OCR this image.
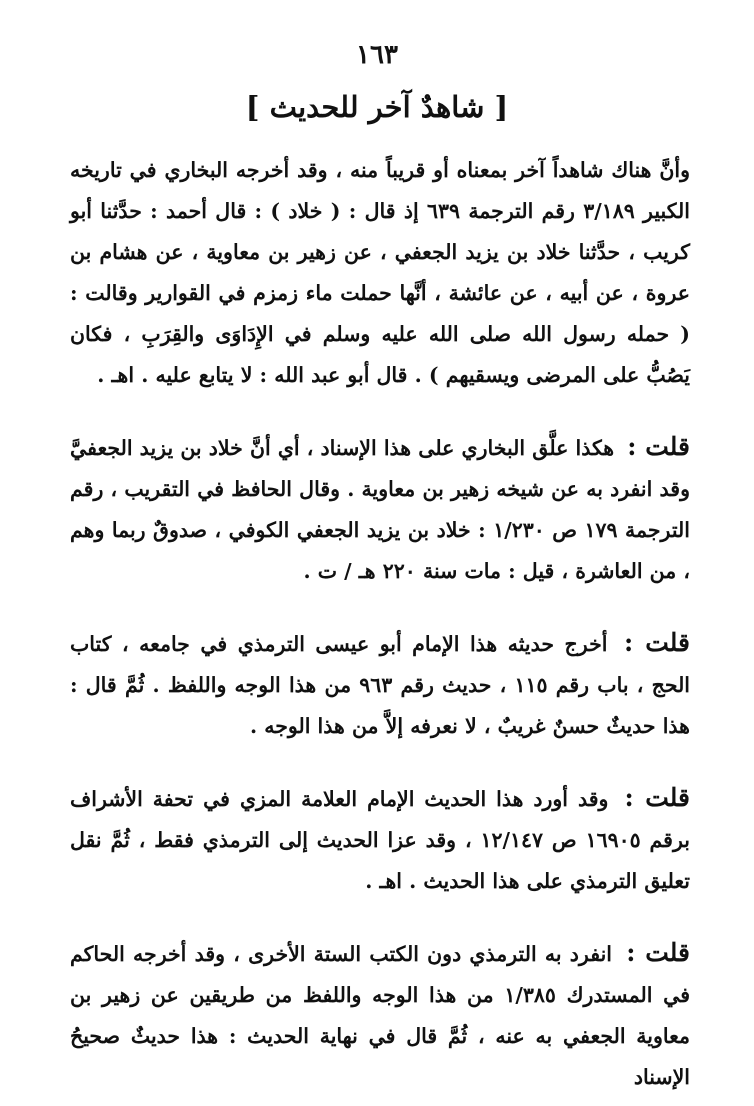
١٦٣
[ شاهدٌ آخر للحديث ]

وأنَّ هناك شاهداً آخر بمعناه أو قريباً منه ، وقد أخرجه البخاري في تاريخه الكبير ٣/١٨٩ رقم الترجمة ٦٣٩ إذ قال : ( خلاد ) : قال أحمد : حدَّثنا أبو كريب ، حدَّثنا خلاد بن يزيد الجعفي ، عن زهير بن معاوية ، عن هشام بن عروة ، عن أبيه ، عن عائشة ، أنَّها حملت ماء زمزم في القوارير وقالت : ( حمله رسول الله صلى الله عليه وسلم في الإِدَاوَى والقِرَبِ ، فكان يَصُبُّ على المرضى ويسقيهم ) . قال أبو عبد الله : لا يتابع عليه . اهـ .

قلت : هكذا علَّق البخاري على هذا الإسناد ، أي أنَّ خلاد بن يزيد الجعفيَّ وقد انفرد به عن شيخه زهير بن معاوية . وقال الحافظ في التقريب ، رقم الترجمة ١٧٩ ص ١/٢٣٠ : خلاد بن يزيد الجعفي الكوفي ، صدوقٌ ربما وهم ، من العاشرة ، قيل : مات سنة ٢٢٠ هـ / ت .

قلت : أخرج حديثه هذا الإمام أبو عيسى الترمذي في جامعه ، كتاب الحج ، باب رقم ١١٥ ، حديث رقم ٩٦٣ من هذا الوجه واللفظ . ثُمَّ قال : هذا حديثٌ حسنٌ غريبٌ ، لا نعرفه إلاَّ من هذا الوجه .

قلت : وقد أورد هذا الحديث الإمام العلامة المزي في تحفة الأشراف برقم ١٦٩٠٥ ص ١٢/١٤٧ ، وقد عزا الحديث إلى الترمذي فقط ، ثُمَّ نقل تعليق الترمذي على هذا الحديث . اهـ .

قلت : انفرد به الترمذي دون الكتب الستة الأخرى ، وقد أخرجه الحاكم في المستدرك ١/٣٨٥ من هذا الوجه واللفظ من طريقين عن زهير بن معاوية الجعفي به عنه ، ثُمَّ قال في نهاية الحديث : هذا حديثٌ صحيحُ الإسناد
